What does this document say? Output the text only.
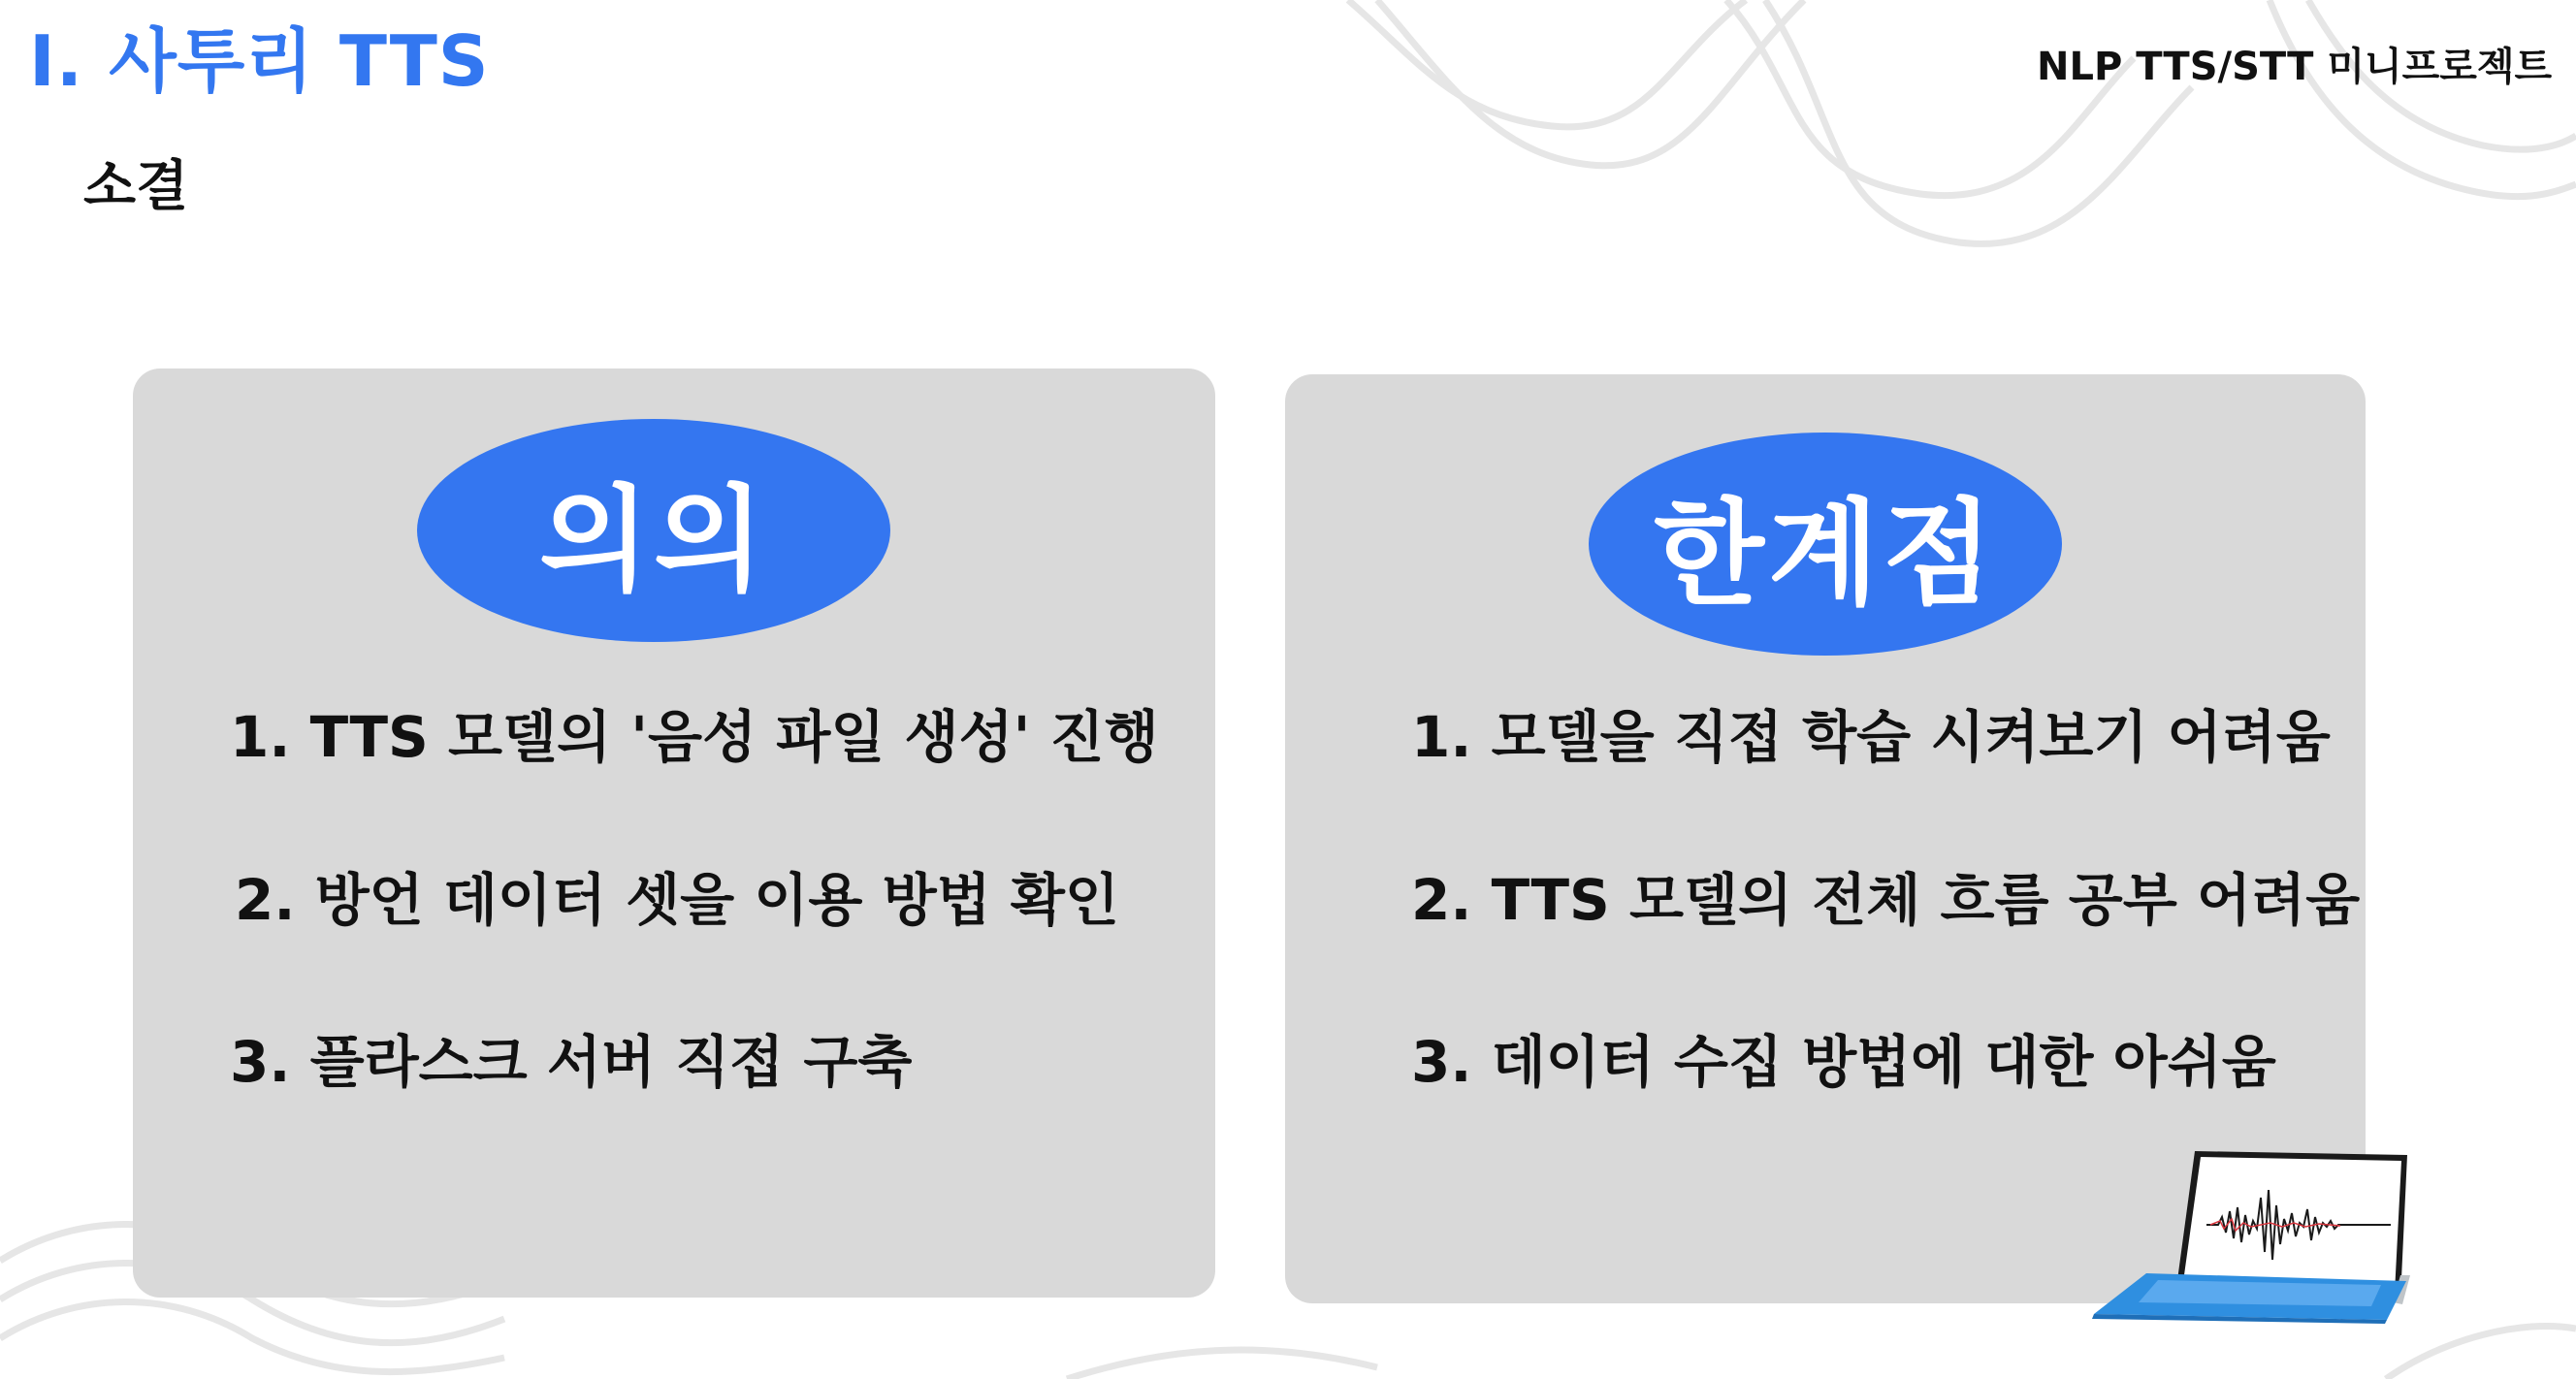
Ⅰ. 사투리 TTS	NLP TTS/STT 미니프로젝트
소결
의의
1. TTS 모델의 '음성 파일 생성' 진행
2. 방언 데이터 셋을 이용 방법 확인
3. 플라스크 서버 직접 구축
한계점
1. 모델을 직접 학습 시켜보기 어려움
2. TTS 모델의 전체 흐름 공부 어려움
3. 데이터 수집 방법에 대한 아쉬움
